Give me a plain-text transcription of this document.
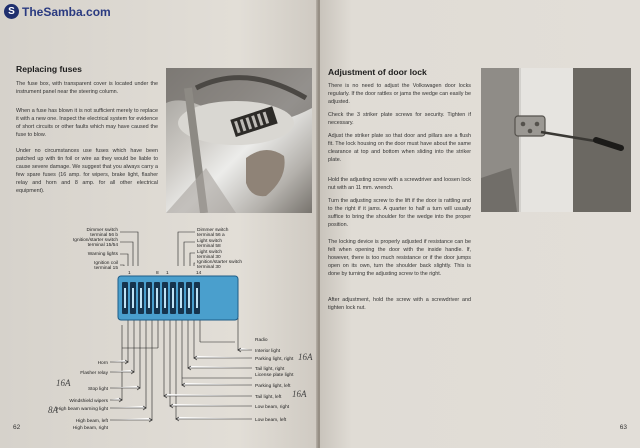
Replacing fuses
The fuse box, with transparent cover is located under the instrument panel near the steering column.
When a fuse has blown it is not sufficient merely to replace it with a new one. Inspect the electrical system for evidence of short circuits or other faults which may have caused the fuse to blow.
Under no circumstances use fuses which have been patched up with tin foil or wire as they would be liable to cause severe damage. We suggest that you always carry a few spare fuses (16 amp. for wipers, brake light, flasher relay and horn and 8 amp. for all other electrical equipment).
1	8 1	14
Dimmer switch
terminal 56 b
Ignition/starter switch
terminal 15/54
Warning lights
Ignition coil
terminal 15
Dimmer switch
terminal 56 a
Light switch
terminal 58
Light switch
terminal 30
Ignition/starter switch
terminal 30
Horn
Flasher relay
Stop light
Windshield wipers
High beam warning light
High beam, left
High beam, right
Radio
Interior light
Parking light, right
Tail light, right
License plate light
Parking light, left
Tail light, left
Low beam, right
Low beam, left
16A
8A
16A
16A
62
Adjustment of door lock
There is no need to adjust the Volkswagen door locks regularly. If the door rattles or jams the wedge can easily be adjusted.
Check the 3 striker plate screws for security. Tighten if necessary.
Adjust the striker plate so that door and pillars are a flush fit. The lock housing on the door must have about the same clearance at top and bottom when sliding into the striker plate.
Hold the adjusting screw with a screwdriver and loosen lock nut with an 11 mm. wrench.
Turn the adjusting screw to the lift if the door is rattling and to the right if it jams. A quarter to half a turn will usually suffice to bring the shoulder for the wedge into the proper position.
The locking device is properly adjusted if resistance can be felt when opening the door with the inside handle. If, however, there is too much resistance or if the door jumps open on its own, turn the shoulder back slightly. This is done by turning the adjusting screw to the right.
After adjustment, hold the screw with a screwdriver and tighten lock nut.
63
S TheSamba.com
